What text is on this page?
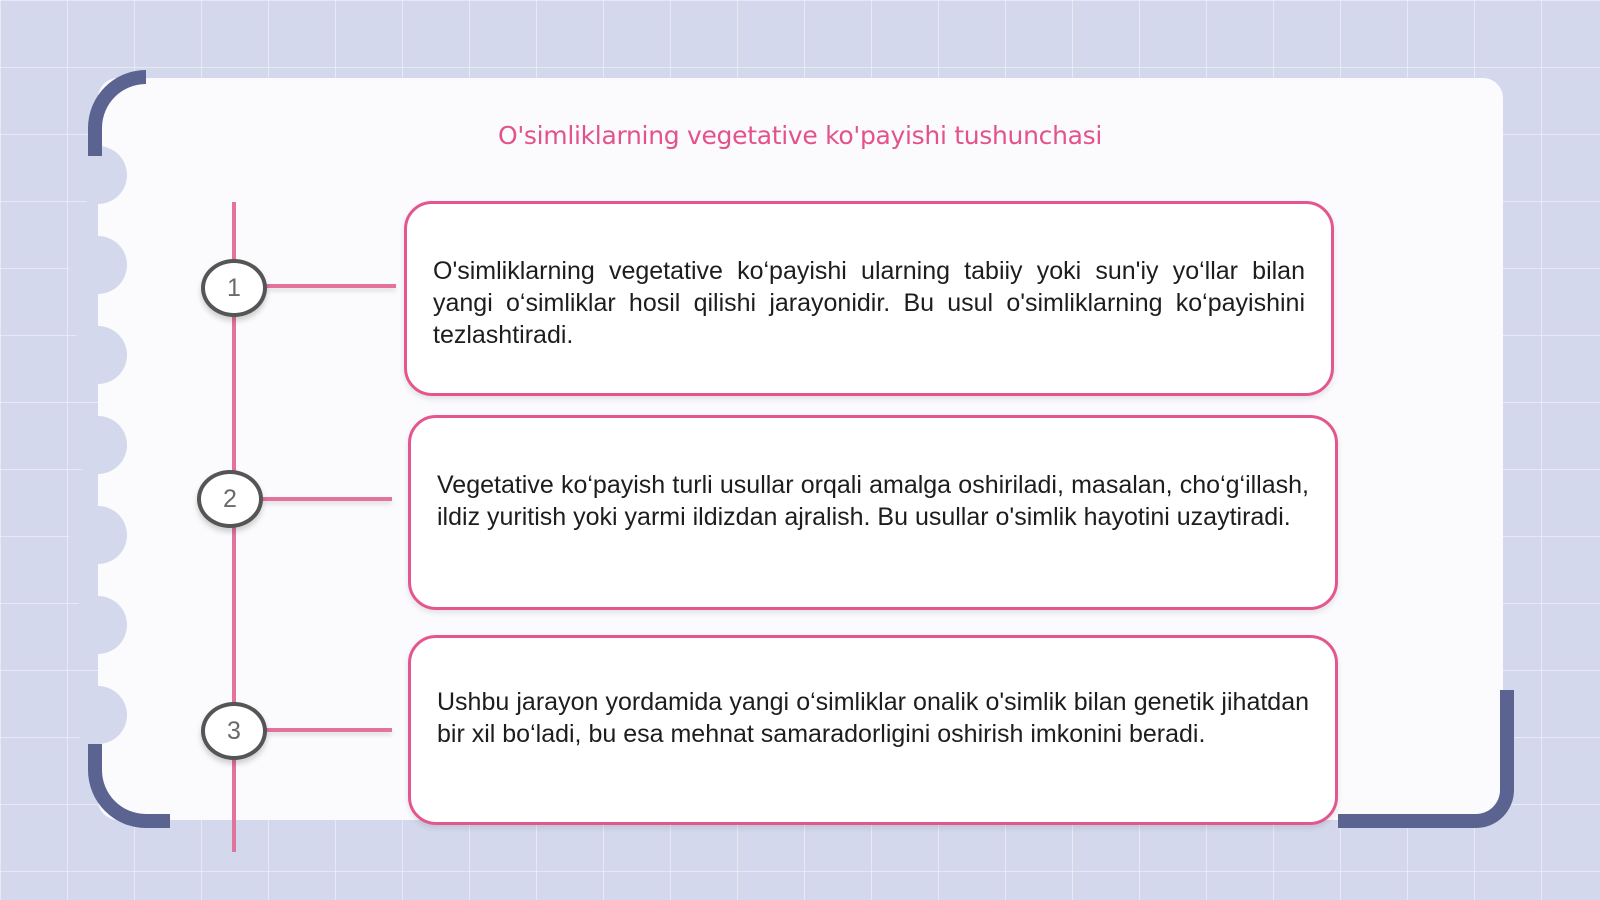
O'simliklarning vegetative ko'payishi tushunchasi
1

O'simliklarning vegetative ko‘payishi ularning tabiiy yoki sun'iy yo‘llar bilan yangi o‘simliklar hosil qilishi jarayonidir. Bu usul o'simliklarning ko‘payishini tezlashtiradi.

2	Vegetative ko‘payish turli usullar orqali amalga oshiriladi, masalan, cho‘g‘illash, ildiz yuritish yoki yarmi ildizdan ajralish. Bu usullar o'simlik hayotini uzaytiradi.

3

Ushbu jarayon yordamida yangi o‘simliklar onalik o'simlik bilan genetik jihatdan bir xil bo‘ladi, bu esa mehnat samaradorligini oshirish imkonini beradi.
